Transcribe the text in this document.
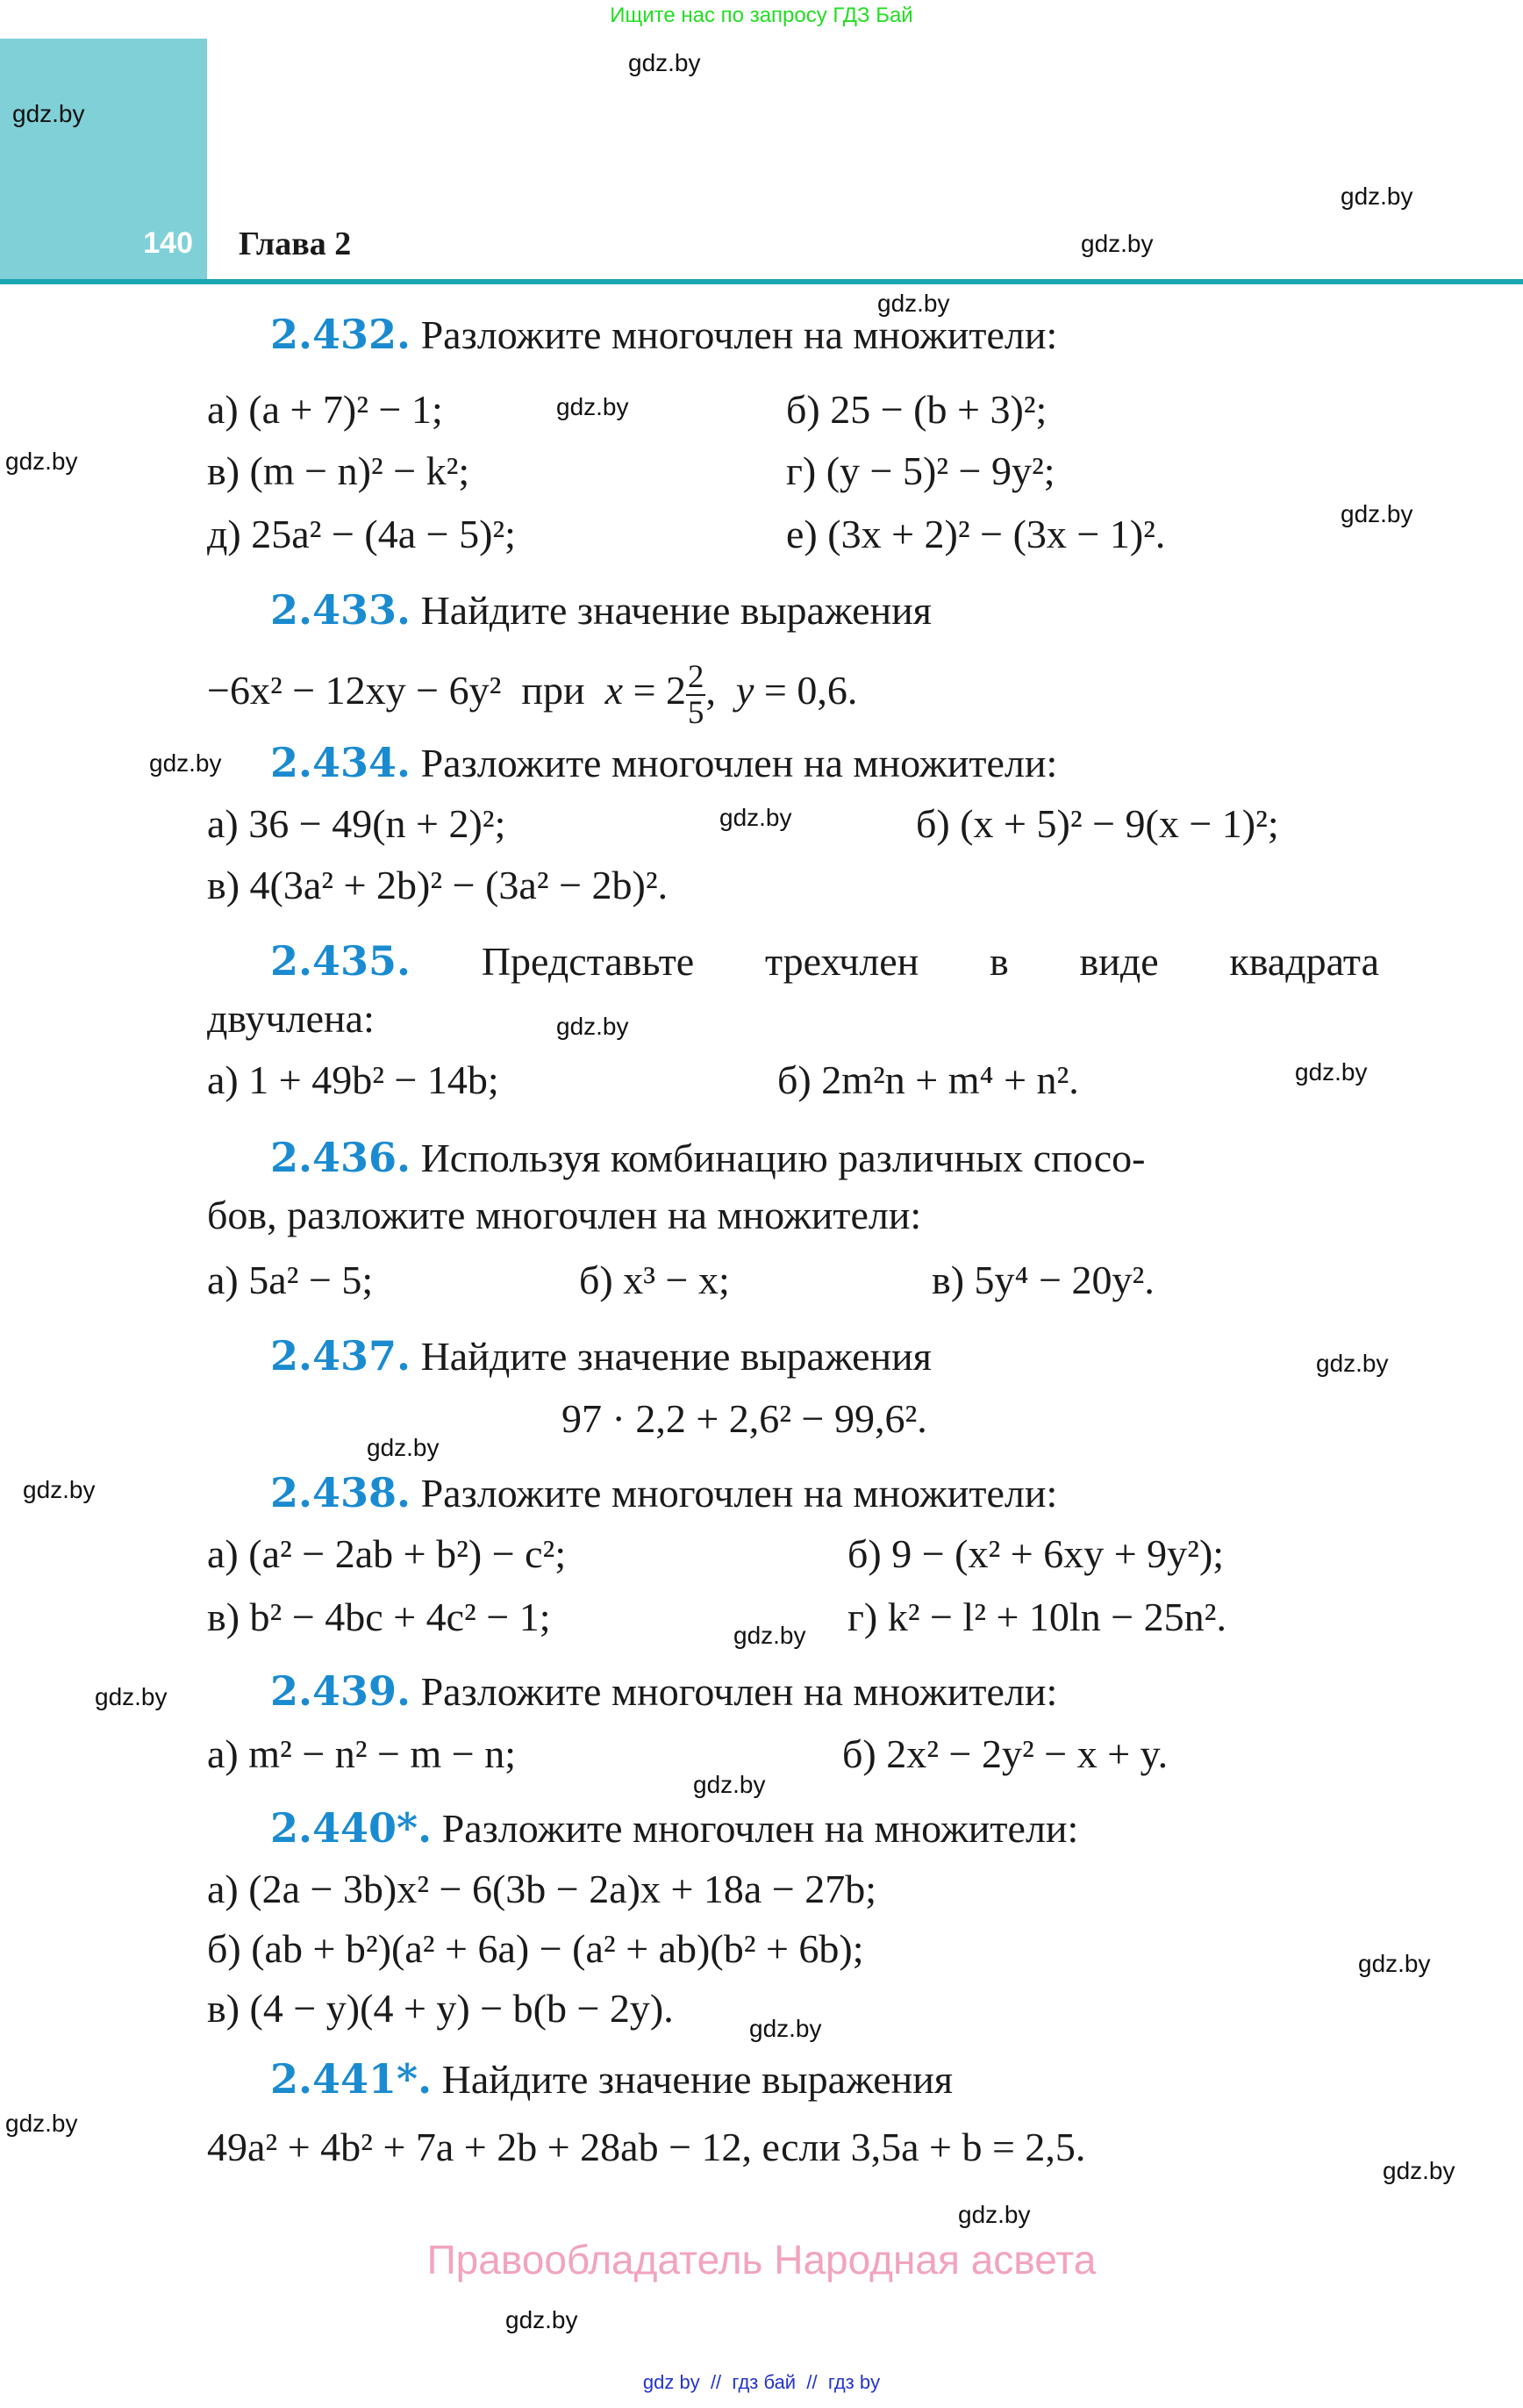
Ищите нас по запросу ГДЗ Бай
140 Глава 2
gdz.by
gdz.by
gdz.by
gdz.by
gdz.by
gdz.by
gdz.by
gdz.by
gdz.by
gdz.by
gdz.by
gdz.by
gdz.by
gdz.by
gdz.by
gdz.by
gdz.by
gdz.by
gdz.by
gdz.by
gdz.by
gdz.by
gdz.by
gdz.by
2.432. Разложите многочлен на множители:
а) (a + 7)² − 1;	б) 25 − (b + 3)²;
в) (m − n)² − k²;	г) (y − 5)² − 9y²;
д) 25a² − (4a − 5)²;	е) (3x + 2)² − (3x − 1)².
2.433. Найдите значение выражения
−6x² − 12xy − 6y² при $x = 2 \frac{2}{5}$ ,  y = 0,6.
2.434. Разложите многочлен на множители:
а) 36 − 49(n + 2)²;	б) (x + 5)² − 9(x − 1)²;
в) 4(3a² + 2b)² − (3a² − 2b)².
2.435. Представьте трехчлен в виде квадрата
двучлена:
а) 1 + 49b² − 14b;	б) 2m²n + m⁴ + n².
2.436. Используя комбинацию различных спосо-
бов, разложите многочлен на множители:
а) 5a² − 5;	б) x³ − x;	в) 5y⁴ − 20y².
2.437. Найдите значение выражения
97 · 2,2 + 2,6² − 99,6².
2.438. Разложите многочлен на множители:
а) (a² − 2ab + b²) − c²;	б) 9 − (x² + 6xy + 9y²);
в) b² − 4bc + 4c² − 1;	г) k² − l² + 10ln − 25n².
2.439. Разложите многочлен на множители:
а) m² − n² − m − n;	б) 2x² − 2y² − x + y.
2.440*. Разложите многочлен на множители:
а) (2a − 3b)x² − 6(3b − 2a)x + 18a − 27b;
б) (ab + b²)(a² + 6a) − (a² + ab)(b² + 6b);
в) (4 − y)(4 + y) − b(b − 2y).
2.441*. Найдите значение выражения
49a² + 4b² + 7a + 2b + 28ab − 12, если 3,5a + b = 2,5.
Правообладатель Народная асвета
gdz by // гдз бай // гдз by
